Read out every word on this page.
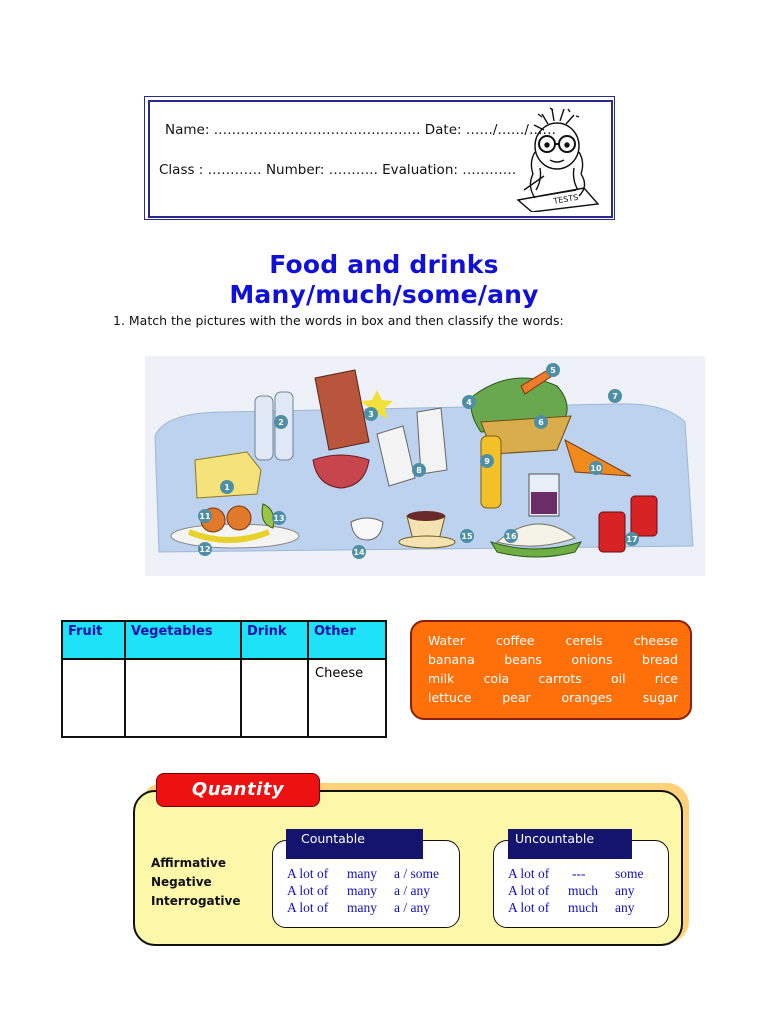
Name: ………………………………………. Date: ……/……/……
Class : ………… Number: ……….. Evaluation: …………
TESTS
Food and drinks
Many/much/some/any
1. Match the pictures with the words in box and then classify the words:
1
2
3
4
5
6
7
8
9
10
11
12
13
14
15	16	17
Fruit	Vegetables	Drink	Other
			Cheese
Water coffee cerels cheese
banana beans onions bread
milk cola carrots oil rice
lettuce pear oranges sugar
Quantity
Affirmative
Negative
Interrogative
Countable
A lot of many a / some
A lot of many a / any
A lot of many a / any
Uncountable
A lot of --- some
A lot of much any
A lot of much any
